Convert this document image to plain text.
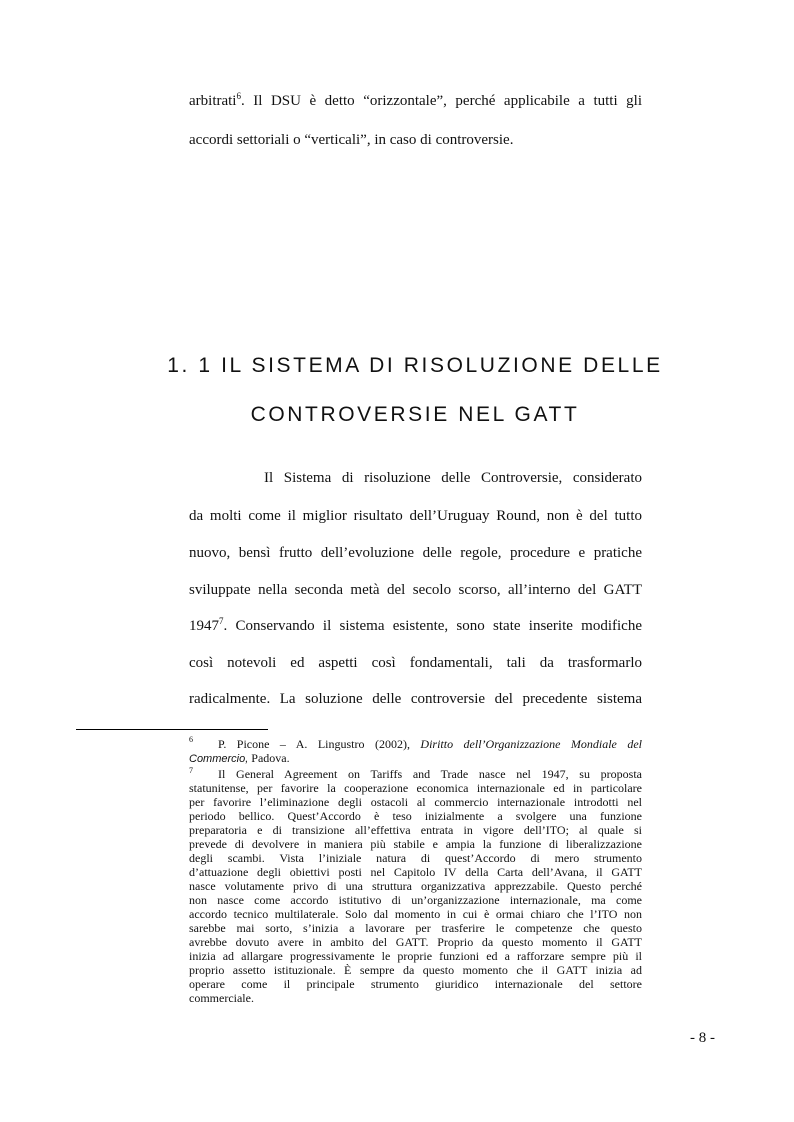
arbitrati$^6$. Il DSU è detto “orizzontale”, perché applicabile a tutti gli
accordi settoriali o “verticali”, in caso di controversie.
1. 1 IL SISTEMA DI RISOLUZIONE DELLE
CONTROVERSIE NEL GATT
Il Sistema di risoluzione delle Controversie, considerato
da molti come il miglior risultato dell’Uruguay Round, non è del tutto
nuovo, bensì frutto dell’evoluzione delle regole, procedure e pratiche
sviluppate nella seconda metà del secolo scorso, all’interno del GATT
1947$^7$. Conservando il sistema esistente, sono state inserite modifiche
così notevoli ed aspetti così fondamentali, tali da trasformarlo
radicalmente. La soluzione delle controversie del precedente sistema
6 P. Picone – A. Lingustro (2002), Diritto dell’Organizzazione Mondiale del
Commercio, Padova.
7 Il General Agreement on Tariffs and Trade nasce nel 1947, su proposta
statunitense, per favorire la cooperazione economica internazionale ed in particolare
per favorire l’eliminazione degli ostacoli al commercio internazionale introdotti nel
periodo bellico. Quest’Accordo è teso inizialmente a svolgere una funzione
preparatoria e di transizione all’effettiva entrata in vigore dell’ITO; al quale si
prevede di devolvere in maniera più stabile e ampia la funzione di liberalizzazione
degli scambi. Vista l’iniziale natura di quest’Accordo di mero strumento
d’attuazione degli obiettivi posti nel Capitolo IV della Carta dell’Avana, il GATT
nasce volutamente privo di una struttura organizzativa apprezzabile. Questo perché
non nasce come accordo istitutivo di un’organizzazione internazionale, ma come
accordo tecnico multilaterale. Solo dal momento in cui è ormai chiaro che l’ITO non
sarebbe mai sorto, s’inizia a lavorare per trasferire le competenze che questo
avrebbe dovuto avere in ambito del GATT. Proprio da questo momento il GATT
inizia ad allargare progressivamente le proprie funzioni ed a rafforzare sempre più il
proprio assetto istituzionale. È sempre da questo momento che il GATT inizia ad
operare come il principale strumento giuridico internazionale del settore
commerciale.
- 8 -
